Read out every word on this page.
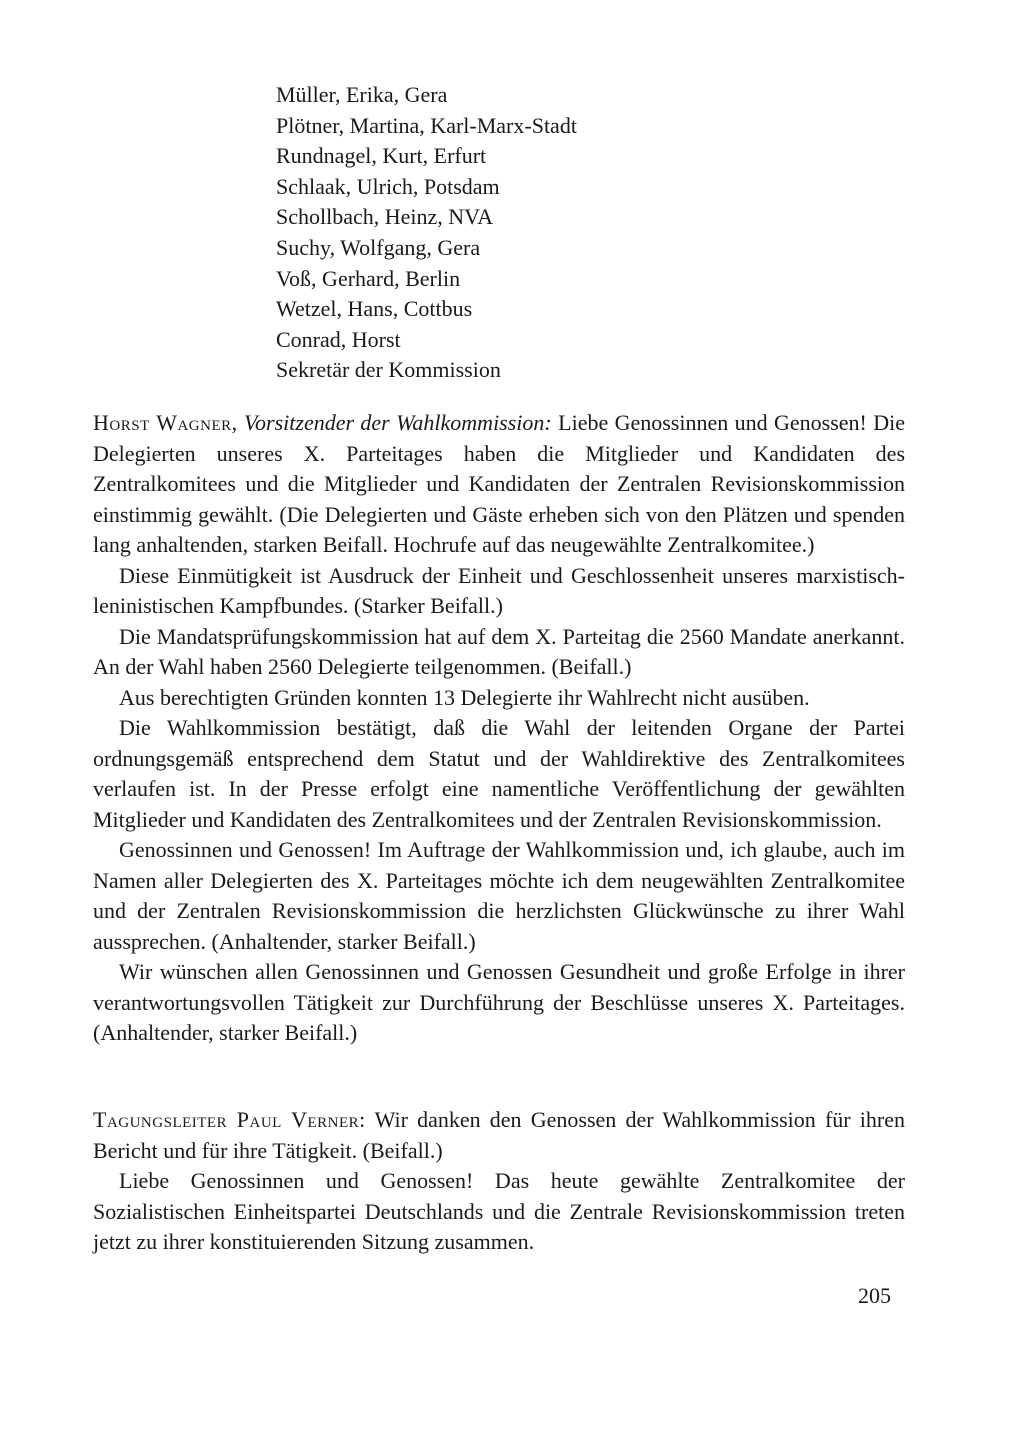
Müller, Erika, Gera
Plötner, Martina, Karl-Marx-Stadt
Rundnagel, Kurt, Erfurt
Schlaak, Ulrich, Potsdam
Schollbach, Heinz, NVA
Suchy, Wolfgang, Gera
Voß, Gerhard, Berlin
Wetzel, Hans, Cottbus
Conrad, Horst
Sekretär der Kommission

Horst Wagner, Vorsitzender der Wahlkommission: Liebe Genossinnen und Genossen! Die Delegierten unseres X. Parteitages haben die Mitglieder und Kandidaten des Zentralkomitees und die Mitglieder und Kandidaten der Zentralen Revisionskommission einstimmig gewählt. (Die Delegierten und Gäste erheben sich von den Plätzen und spenden lang anhaltenden, starken Beifall. Hochrufe auf das neugewählte Zentralkomitee.)

Diese Einmütigkeit ist Ausdruck der Einheit und Geschlossenheit unseres marxistisch-leninistischen Kampfbundes. (Starker Beifall.)

Die Mandatsprüfungskommission hat auf dem X. Parteitag die 2560 Mandate anerkannt. An der Wahl haben 2560 Delegierte teilgenommen. (Beifall.)

Aus berechtigten Gründen konnten 13 Delegierte ihr Wahlrecht nicht ausüben.

Die Wahlkommission bestätigt, daß die Wahl der leitenden Organe der Partei ordnungsgemäß entsprechend dem Statut und der Wahldirektive des Zentralkomitees verlaufen ist. In der Presse erfolgt eine namentliche Veröffentlichung der gewählten Mitglieder und Kandidaten des Zentralkomitees und der Zentralen Revisionskommission.

Genossinnen und Genossen! Im Auftrage der Wahlkommission und, ich glaube, auch im Namen aller Delegierten des X. Parteitages möchte ich dem neugewählten Zentralkomitee und der Zentralen Revisionskommission die herzlichsten Glückwünsche zu ihrer Wahl aussprechen. (Anhaltender, starker Beifall.)

Wir wünschen allen Genossinnen und Genossen Gesundheit und große Erfolge in ihrer verantwortungsvollen Tätigkeit zur Durchführung der Beschlüsse unseres X. Parteitages. (Anhaltender, starker Beifall.)

Tagungsleiter Paul Verner: Wir danken den Genossen der Wahlkommission für ihren Bericht und für ihre Tätigkeit. (Beifall.)

Liebe Genossinnen und Genossen! Das heute gewählte Zentralkomitee der Sozialistischen Einheitspartei Deutschlands und die Zentrale Revisionskommission treten jetzt zu ihrer konstituierenden Sitzung zusammen.

205
